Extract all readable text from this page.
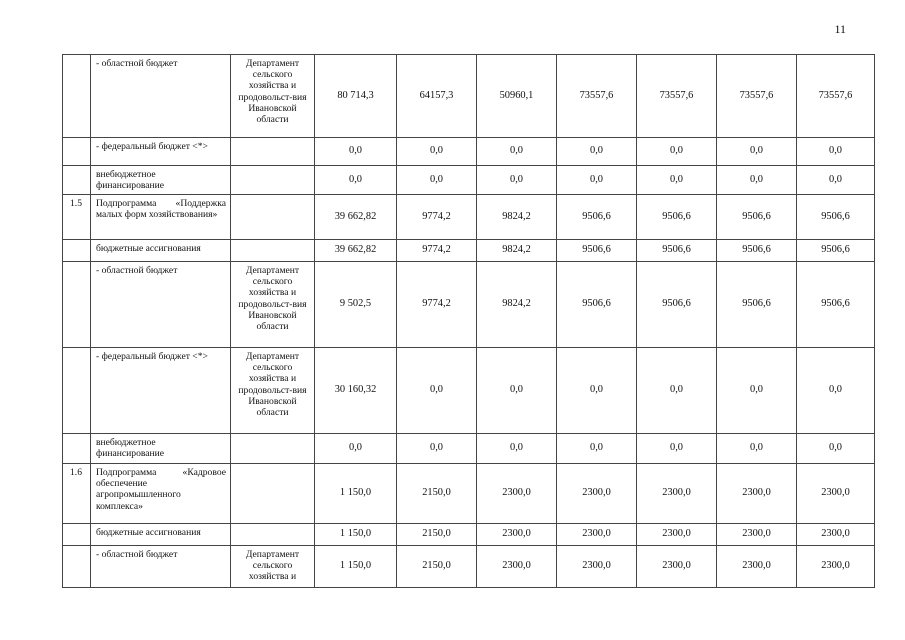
11
	- областной бюджет	Департамент сельского хозяйства и продовольст-вия Ивановской области	80 714,3	64157,3	50960,1	73557,6	73557,6	73557,6	73557,6
	- федеральный бюджет <*>		0,0	0,0	0,0	0,0	0,0	0,0	0,0
	внебюджетное финансирование		0,0	0,0	0,0	0,0	0,0	0,0	0,0
1.5	Подпрограмма «Поддержка малых форм хозяйствования»		39 662,82	9774,2	9824,2	9506,6	9506,6	9506,6	9506,6
	бюджетные ассигнования		39 662,82	9774,2	9824,2	9506,6	9506,6	9506,6	9506,6
	- областной бюджет	Департамент сельского хозяйства и продовольст-вия Ивановской области	9 502,5	9774,2	9824,2	9506,6	9506,6	9506,6	9506,6
	- федеральный бюджет <*>	Департамент сельского хозяйства и продовольст-вия Ивановской области	30 160,32	0,0	0,0	0,0	0,0	0,0	0,0
	внебюджетное финансирование		0,0	0,0	0,0	0,0	0,0	0,0	0,0
1.6	Подпрограмма «Кадровое обеспечение агропромышленного комплекса»		1 150,0	2150,0	2300,0	2300,0	2300,0	2300,0	2300,0
	бюджетные ассигнования		1 150,0	2150,0	2300,0	2300,0	2300,0	2300,0	2300,0
	- областной бюджет	Департамент сельского хозяйства и	1 150,0	2150,0	2300,0	2300,0	2300,0	2300,0	2300,0
